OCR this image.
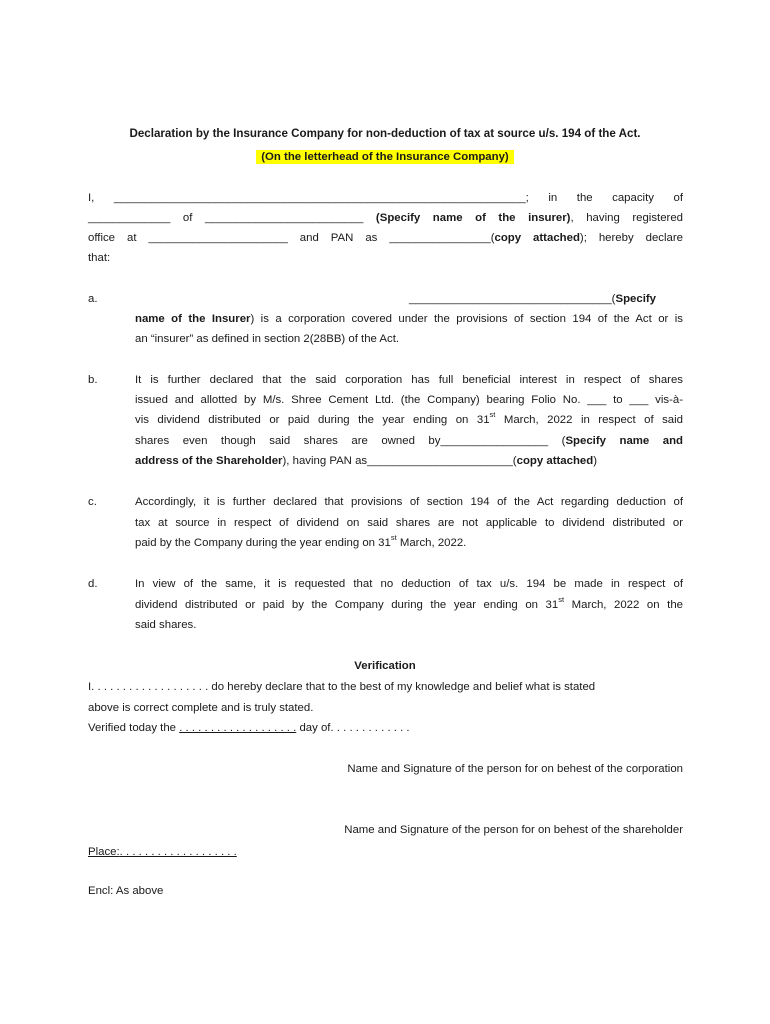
Declaration by the Insurance Company for non-deduction of tax at source u/s. 194 of the Act.
(On the letterhead of the Insurance Company)
I, _________________________________________________________________; in the capacity of
_____________ of _________________________ (Specify name of the insurer), having registered
office at ______________________ and PAN as ________________(copy attached); hereby declare
that:
a.	________________________________(Specify
name of the Insurer) is a corporation covered under the provisions of section 194 of the Act or is
an “insurer” as defined in section 2(28BB) of the Act.
b.	It is further declared that the said corporation has full beneficial interest in respect of shares
issued and allotted by M/s. Shree Cement Ltd. (the Company) bearing Folio No. ___ to ___ vis-à-
vis dividend distributed or paid during the year ending on 31st March, 2022 in respect of said
shares even though said shares are owned by_________________ (Specify name and
address of the Shareholder), having PAN as_______________________(copy attached)
c.	Accordingly, it is further declared that provisions of section 194 of the Act regarding deduction of
tax at source in respect of dividend on said shares are not applicable to dividend distributed or
paid by the Company during the year ending on 31st March, 2022.
d.	In view of the same, it is requested that no deduction of tax u/s. 194 be made in respect of
dividend distributed or paid by the Company during the year ending on 31st March, 2022 on the
said shares.
Verification
I. . . . . . . . . . . . . . . . . . . do hereby declare that to the best of my knowledge and belief what is stated
above is correct complete and is truly stated.
Verified today the . . . . . . . . . . . . . . . . . . . day of. . . . . . . . . . . . .
Name and Signature of the person for on behest of the corporation
Name and Signature of the person for on behest of the shareholder
Place:. . . . . . . . . . . . . . . . . . .
Encl: As above
